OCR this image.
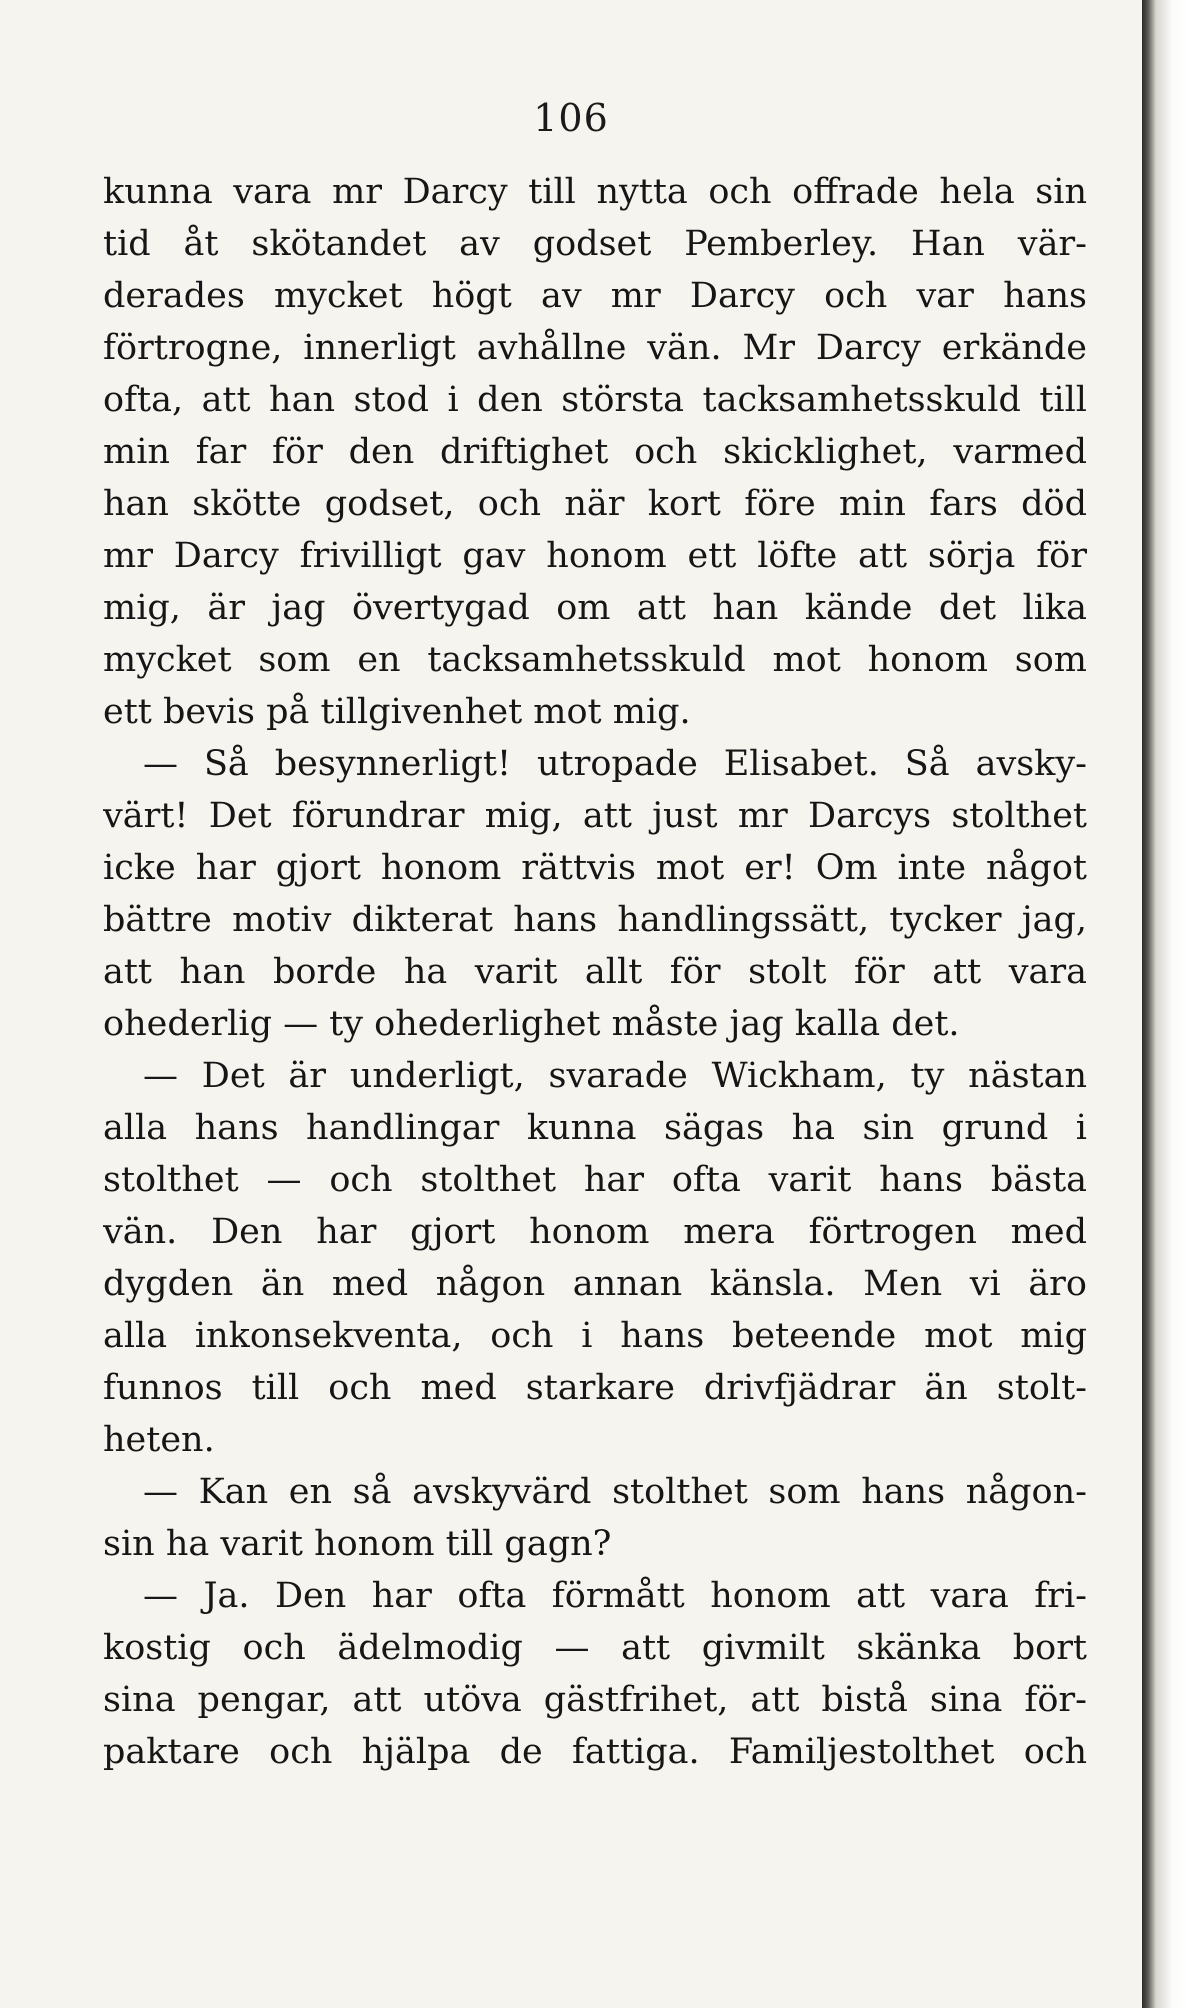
106
kunna vara mr Darcy till nytta och offrade hela sin
tid åt skötandet av godset Pemberley. Han vär-
derades mycket högt av mr Darcy och var hans
förtrogne, innerligt avhållne vän. Mr Darcy erkände
ofta, att han stod i den största tacksamhetsskuld till
min far för den driftighet och skicklighet, varmed
han skötte godset, och när kort före min fars död
mr Darcy frivilligt gav honom ett löfte att sörja för
mig, är jag övertygad om att han kände det lika
mycket som en tacksamhetsskuld mot honom som
ett bevis på tillgivenhet mot mig.
— Så besynnerligt! utropade Elisabet. Så avsky-
värt! Det förundrar mig, att just mr Darcys stolthet
icke har gjort honom rättvis mot er! Om inte något
bättre motiv dikterat hans handlingssätt, tycker jag,
att han borde ha varit allt för stolt för att vara
ohederlig — ty ohederlighet måste jag kalla det.
— Det är underligt, svarade Wickham, ty nästan
alla hans handlingar kunna sägas ha sin grund i
stolthet — och stolthet har ofta varit hans bästa
vän. Den har gjort honom mera förtrogen med
dygden än med någon annan känsla. Men vi äro
alla inkonsekventa, och i hans beteende mot mig
funnos till och med starkare drivfjädrar än stolt-
heten.
— Kan en så avskyvärd stolthet som hans någon-
sin ha varit honom till gagn?
— Ja. Den har ofta förmått honom att vara fri-
kostig och ädelmodig — att givmilt skänka bort
sina pengar, att utöva gästfrihet, att bistå sina för-
paktare och hjälpa de fattiga. Familjestolthet och
